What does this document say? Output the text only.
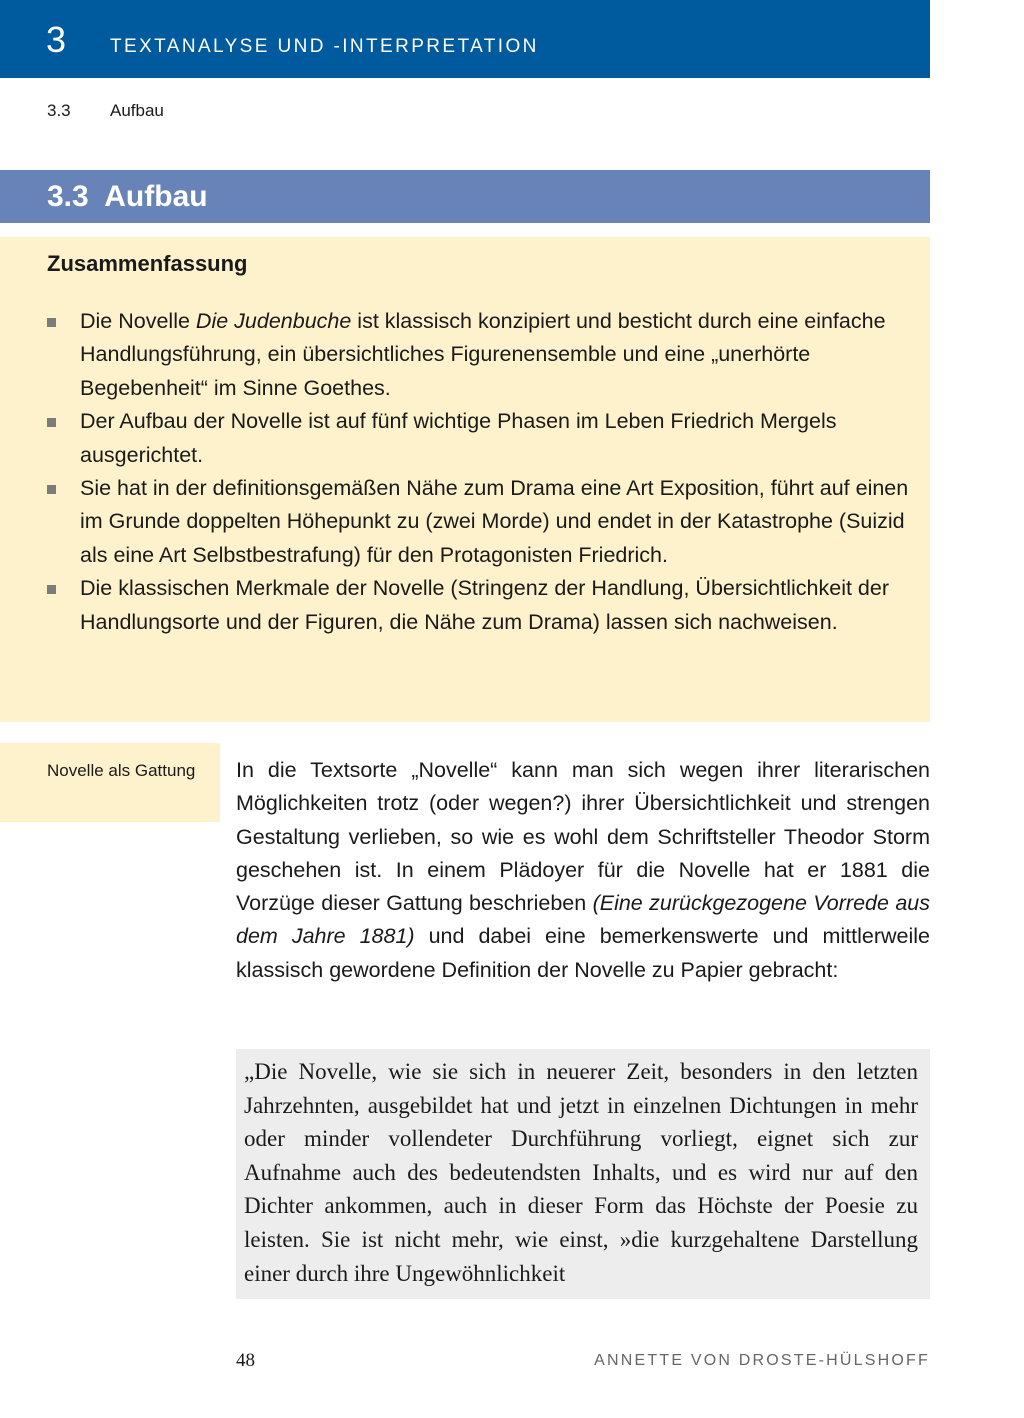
3 TEXTANALYSE UND -INTERPRETATION
3.3 Aufbau
3.3  Aufbau
Zusammenfassung
Die Novelle Die Judenbuche ist klassisch konzipiert und besticht durch eine einfache Handlungsführung, ein übersichtliches Figurenensemble und eine „unerhörte Begebenheit“ im Sinne Goethes.
Der Aufbau der Novelle ist auf fünf wichtige Phasen im Leben Friedrich Mergels ausgerichtet.
Sie hat in der definitionsgemäßen Nähe zum Drama eine Art Exposition, führt auf einen im Grunde doppelten Höhepunkt zu (zwei Morde) und endet in der Katastrophe (Suizid als eine Art Selbstbestrafung) für den Protagonisten Friedrich.
Die klassischen Merkmale der Novelle (Stringenz der Handlung, Übersichtlichkeit der Handlungsorte und der Figuren, die Nähe zum Drama) lassen sich nachweisen.
Novelle als Gattung	In die Textsorte „Novelle“ kann man sich wegen ihrer literarischen Möglichkeiten trotz (oder wegen?) ihrer Übersichtlichkeit und strengen Gestaltung verlieben, so wie es wohl dem Schriftsteller Theodor Storm geschehen ist. In einem Plädoyer für die Novelle hat er 1881 die Vorzüge dieser Gattung beschrieben (Eine zurückgezogene Vorrede aus dem Jahre 1881) und dabei eine bemerkenswerte und mittlerweile klassisch gewordene Definition der Novelle zu Papier gebracht:
„Die Novelle, wie sie sich in neuerer Zeit, besonders in den letzten Jahrzehnten, ausgebildet hat und jetzt in einzelnen Dichtungen in mehr oder minder vollendeter Durchführung vorliegt, eignet sich zur Aufnahme auch des bedeutendsten Inhalts, und es wird nur auf den Dichter ankommen, auch in dieser Form das Höchste der Poesie zu leisten. Sie ist nicht mehr, wie einst, »die kurzgehaltene Darstellung einer durch ihre Ungewöhnlichkeit
48	ANNETTE VON DROSTE-HÜLSHOFF
